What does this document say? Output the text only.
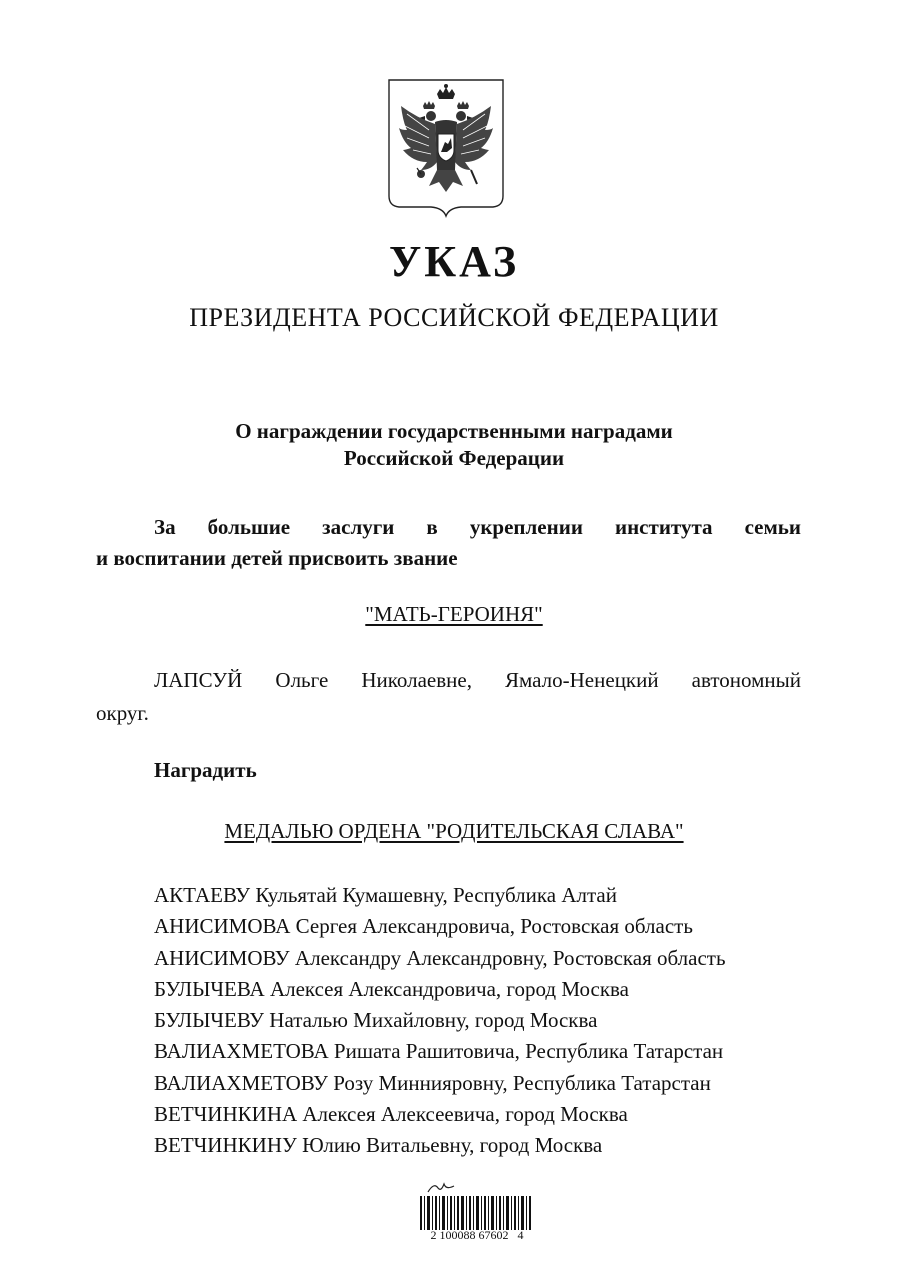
УКАЗ
ПРЕЗИДЕНТА РОССИЙСКОЙ ФЕДЕРАЦИИ
О награждении государственными наградами
Российской Федерации
За большие заслуги в укреплении института семьи
и воспитании детей присвоить звание
"МАТЬ-ГЕРОИНЯ"
ЛАПСУЙ Ольге Николаевне, Ямало-Ненецкий автономный
округ.
Наградить
МЕДАЛЬЮ ОРДЕНА "РОДИТЕЛЬСКАЯ СЛАВА"
АКТАЕВУ Кульятай Кумашевну, Республика Алтай
АНИСИМОВА Сергея Александровича, Ростовская область
АНИСИМОВУ Александру Александровну, Ростовская область
БУЛЫЧЕВА Алексея Александровича, город Москва
БУЛЫЧЕВУ Наталью Михайловну, город Москва
ВАЛИАХМЕТОВА Ришата Рашитовича, Республика Татарстан
ВАЛИАХМЕТОВУ Розу Миннияровну, Республика Татарстан
ВЕТЧИНКИНА Алексея Алексеевича, город Москва
ВЕТЧИНКИНУ Юлию Витальевну, город Москва
2 100088 67602   4
